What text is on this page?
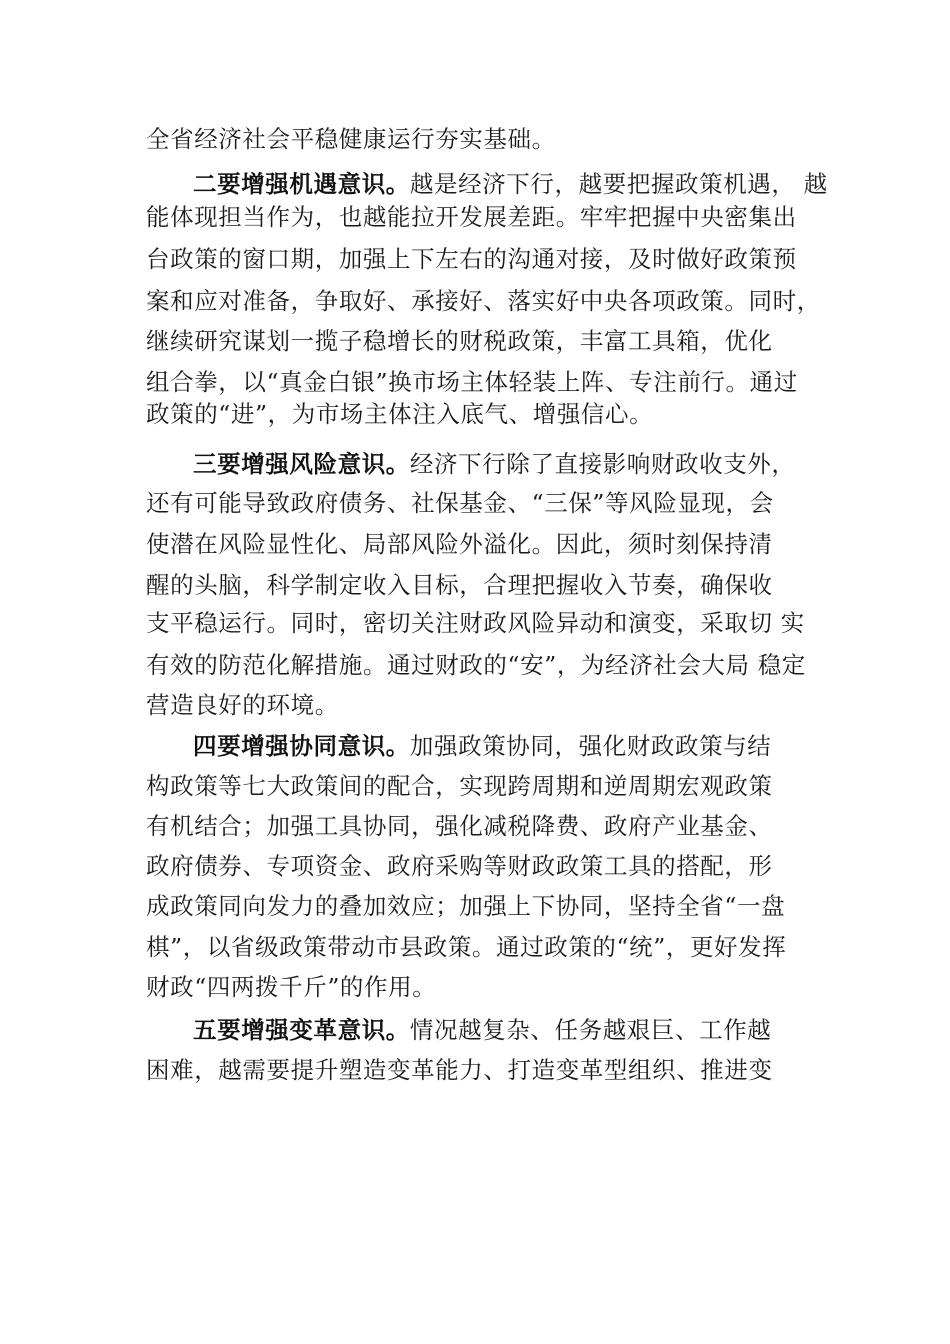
全省经济社会平稳健康运行夯实基础。
二要增强机遇意识。越是经济下行，越要把握政策机遇， 越
能体现担当作为，也越能拉开发展差距。牢牢把握中央密集出
台政策的窗口期，加强上下左右的沟通对接，及时做好政策预
案和应对准备，争取好、承接好、落实好中央各项政策。同时，
继续研究谋划一揽子稳增长的财税政策，丰富工具箱，优化
组合拳，以“真金白银”换市场主体轻装上阵、专注前行。通过
政策的“进”，为市场主体注入底气、增强信心。
三要增强风险意识。经济下行除了直接影响财政收支外，
还有可能导致政府债务、社保基金、“三保”等风险显现，会
使潜在风险显性化、局部风险外溢化。因此，须时刻保持清
醒的头脑，科学制定收入目标，合理把握收入节奏，确保收
支平稳运行。同时，密切关注财政风险异动和演变，采取切 实
有效的防范化解措施。通过财政的“安”，为经济社会大局 稳定
营造良好的环境。
四要增强协同意识。加强政策协同，强化财政政策与结
构政策等七大政策间的配合，实现跨周期和逆周期宏观政策
有机结合；加强工具协同，强化减税降费、政府产业基金、
政府债券、专项资金、政府采购等财政政策工具的搭配，形
成政策同向发力的叠加效应；加强上下协同，坚持全省“一盘
棋”，以省级政策带动市县政策。通过政策的“统”，更好发挥
财政“四两拨千斤”的作用。
五要增强变革意识。情况越复杂、任务越艰巨、工作越
困难，越需要提升塑造变革能力、打造变革型组织、推进变
